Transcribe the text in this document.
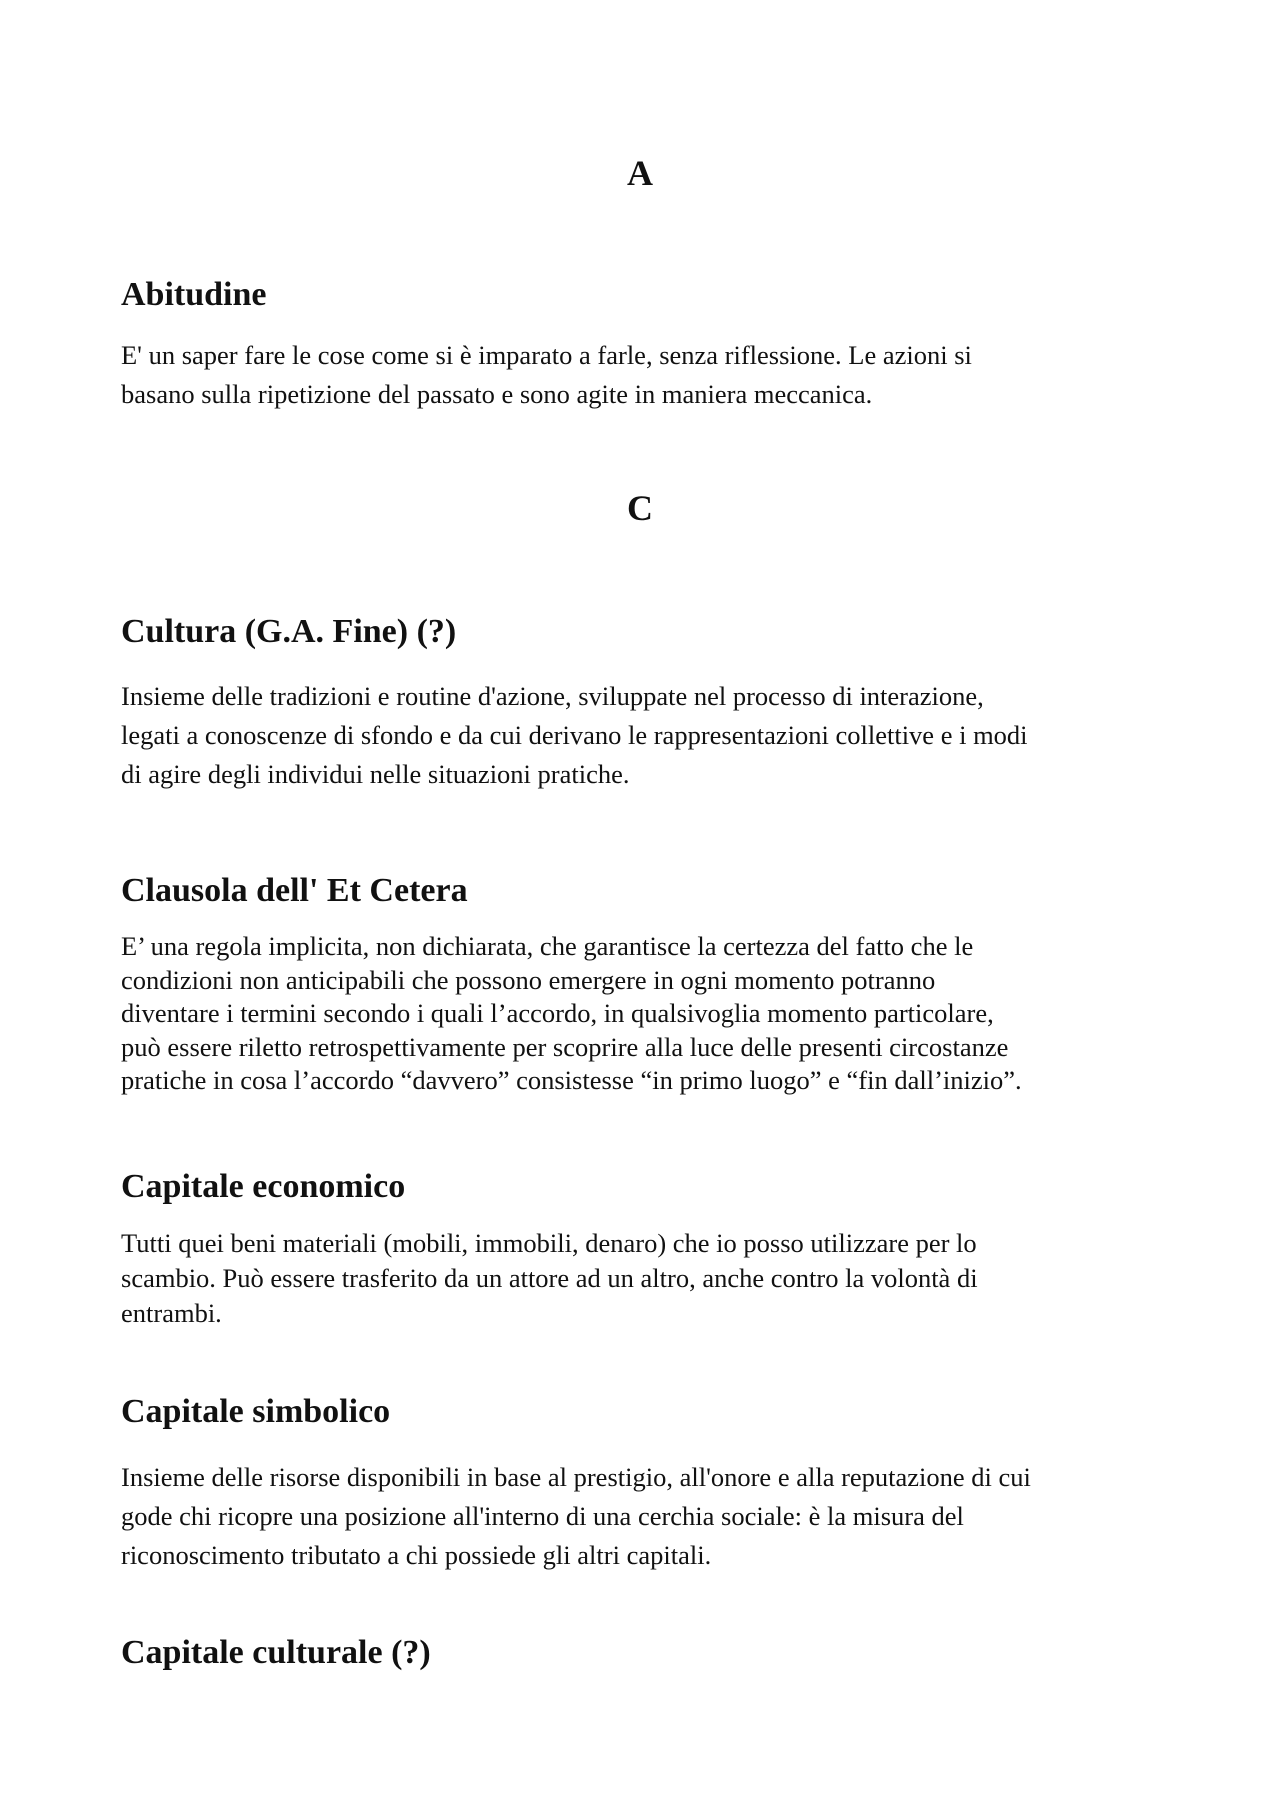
A
Abitudine

E' un saper fare le cose come si è imparato a farle, senza riflessione. Le azioni si
basano sulla ripetizione del passato e sono agite in maniera meccanica.

C
Cultura (G.A. Fine) (?)

Insieme delle tradizioni e routine d'azione, sviluppate nel processo di interazione,
legati a conoscenze di sfondo e da cui derivano le rappresentazioni collettive e i modi
di agire degli individui nelle situazioni pratiche.

Clausola dell' Et Cetera

E’ una regola implicita, non dichiarata, che garantisce la certezza del fatto che le
condizioni non anticipabili che possono emergere in ogni momento potranno
diventare i termini secondo i quali l’accordo, in qualsivoglia momento particolare,
può essere riletto retrospettivamente per scoprire alla luce delle presenti circostanze
pratiche in cosa l’accordo “davvero” consistesse “in primo luogo” e “fin dall’inizio”.

Capitale economico

Tutti quei beni materiali (mobili, immobili, denaro) che io posso utilizzare per lo
scambio. Può essere trasferito da un attore ad un altro, anche contro la volontà di
entrambi.

Capitale simbolico

Insieme delle risorse disponibili in base al prestigio, all'onore e alla reputazione di cui
gode chi ricopre una posizione all'interno di una cerchia sociale: è la misura del
riconoscimento tributato a chi possiede gli altri capitali.

Capitale culturale (?)
